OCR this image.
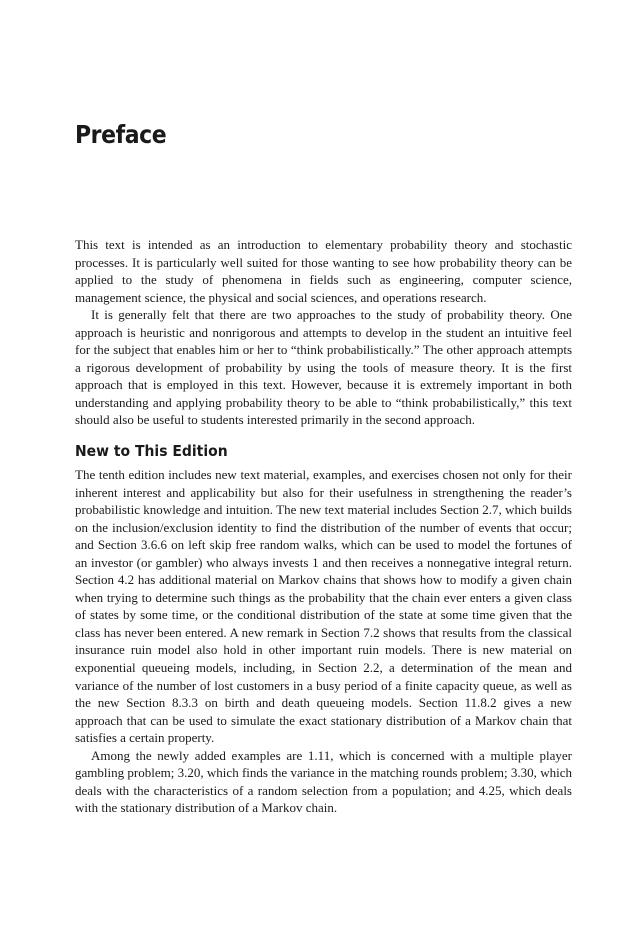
Preface

This text is intended as an introduction to elementary probability theory and stochastic processes. It is particularly well suited for those wanting to see how probability theory can be applied to the study of phenomena in fields such as engineering, computer science, management science, the physical and social sciences, and operations research.

It is generally felt that there are two approaches to the study of probability theory. One approach is heuristic and nonrigorous and attempts to develop in the student an intuitive feel for the subject that enables him or her to “think probabilistically.” The other approach attempts a rigorous development of probability by using the tools of measure theory. It is the first approach that is employed in this text. However, because it is extremely important in both understanding and applying probability theory to be able to “think probabilistically,” this text should also be useful to students interested primarily in the second approach.

New to This Edition

The tenth edition includes new text material, examples, and exercises chosen not only for their inherent interest and applicability but also for their usefulness in strengthening the reader’s probabilistic knowledge and intuition. The new text material includes Section 2.7, which builds on the inclusion/exclusion identity to find the distribution of the number of events that occur; and Section 3.6.6 on left skip free random walks, which can be used to model the fortunes of an investor (or gambler) who always invests 1 and then receives a nonnegative integral return. Section 4.2 has additional material on Markov chains that shows how to modify a given chain when trying to determine such things as the probability that the chain ever enters a given class of states by some time, or the conditional distribution of the state at some time given that the class has never been entered. A new remark in Section 7.2 shows that results from the classical insurance ruin model also hold in other important ruin models. There is new material on exponential queueing models, including, in Section 2.2, a determination of the mean and variance of the number of lost customers in a busy period of a finite capacity queue, as well as the new Section 8.3.3 on birth and death queueing models. Section 11.8.2 gives a new approach that can be used to simulate the exact stationary distribution of a Markov chain that satisfies a certain property.

Among the newly added examples are 1.11, which is concerned with a multiple player gambling problem; 3.20, which finds the variance in the matching rounds problem; 3.30, which deals with the characteristics of a random selection from a population; and 4.25, which deals with the stationary distribution of a Markov chain.
